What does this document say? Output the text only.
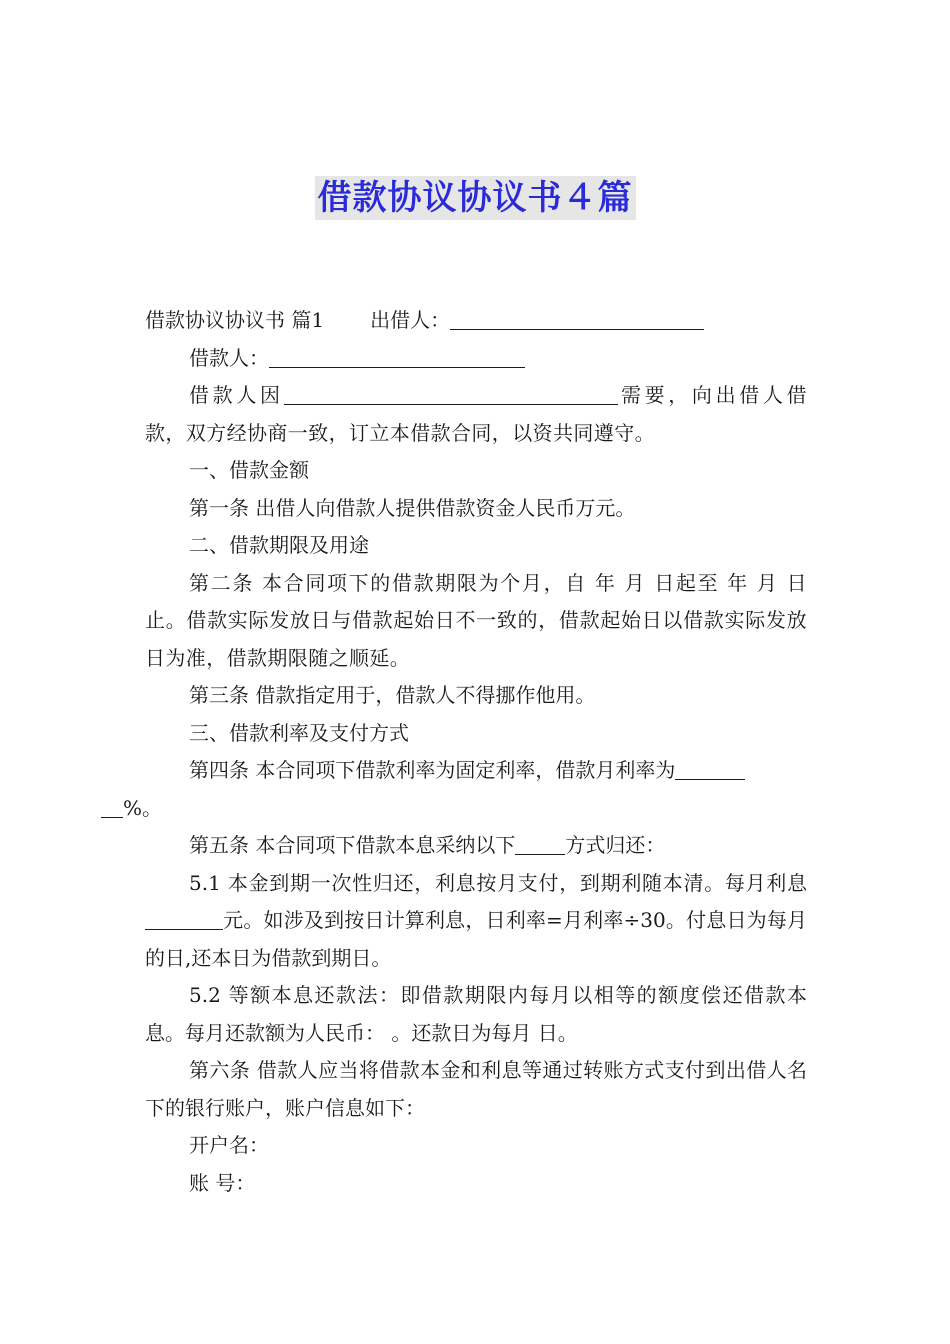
借款协议协议书４篇

借款协议协议书 篇1 出借人：

借款人：

借款人因	需要，向出借人借款，双方经协商一致，订立本借款合同，以资共同遵守。

一、借款金额

第一条 出借人向借款人提供借款资金人民币万元。

二、借款期限及用途

第二条 本合同项下的借款期限为个月，自 年 月 日起至 年 月 日止。借款实际发放日与借款起始日不一致的，借款起始日以借款实际发放日为准，借款期限随之顺延。

第三条 借款指定用于，借款人不得挪作他用。

三、借款利率及支付方式

第四条 本合同项下借款利率为固定利率，借款月利率为
%。

第五条 本合同项下借款本息采纳以下	方式归还：

5.1 本金到期一次性归还，利息按月支付，到期利随本清。每月利息元。如涉及到按日计算利息，日利率=月利率÷30。付息日为每月的日,还本日为借款到期日。

5.2 等额本息还款法：即借款期限内每月以相等的额度偿还借款本息。每月还款额为人民币： 。还款日为每月 日。

第六条 借款人应当将借款本金和利息等通过转账方式支付到出借人名下的银行账户，账户信息如下：

开户名：

账 号：
